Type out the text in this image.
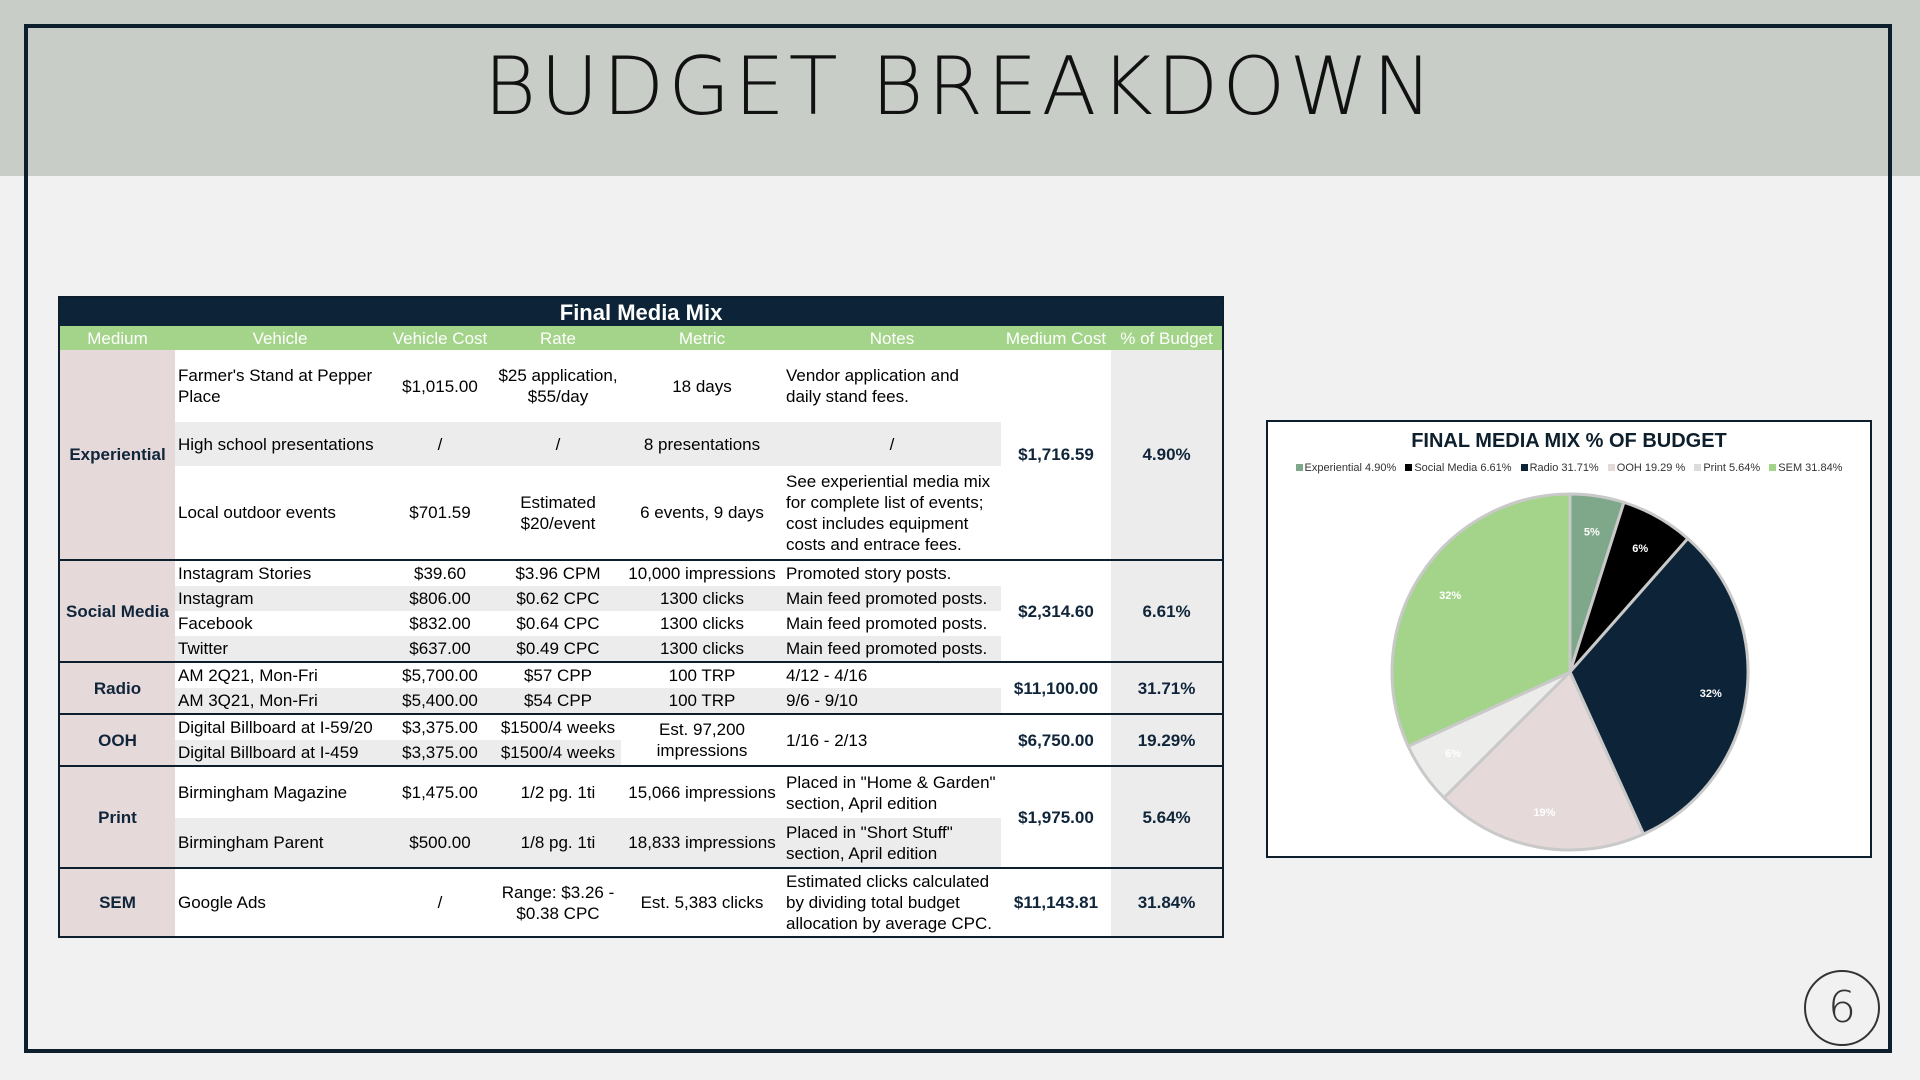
BUDGET BREAKDOWN
Final Media Mix							
Medium	Vehicle	Vehicle Cost	Rate	Metric	Notes	Medium Cost	% of Budget
Experiential	Farmer's Stand at Pepper Place	$1,015.00	$25 application, $55/day	18 days	Vendor application and daily stand fees.	$1,716.59	4.90%
	High school presentations	/	/	8 presentations	/		
	Local outdoor events	$701.59	Estimated $20/event	6 events, 9 days	See experiential media mix for complete list of events; cost includes equipment costs and entrace fees.		
Social Media	Instagram Stories	$39.60	$3.96 CPM	10,000 impressions	Promoted story posts.	$2,314.60	6.61%
	Instagram	$806.00	$0.62 CPC	1300 clicks	Main feed promoted posts.		
	Facebook	$832.00	$0.64 CPC	1300 clicks	Main feed promoted posts.		
	Twitter	$637.00	$0.49 CPC	1300 clicks	Main feed promoted posts.		
Radio	AM 2Q21, Mon-Fri	$5,700.00	$57 CPP	100 TRP	4/12 - 4/16	$11,100.00	31.71%
	AM 3Q21, Mon-Fri	$5,400.00	$54 CPP	100 TRP	9/6 - 9/10		
OOH	Digital Billboard at I-59/20	$3,375.00	$1500/4 weeks	Est. 97,200 impressions	1/16 - 2/13	$6,750.00	19.29%
	Digital Billboard at I-459	$3,375.00	$1500/4 weeks				
Print	Birmingham Magazine	$1,475.00	1/2 pg. 1ti	15,066 impressions	Placed in "Home & Garden" section, April edition	$1,975.00	5.64%
	Birmingham Parent	$500.00	1/8 pg. 1ti	18,833 impressions	Placed in "Short Stuff" section, April edition		
SEM	Google Ads	/	Range: $3.26 - $0.38 CPC	Est. 5,383 clicks	Estimated clicks calculated by dividing total budget allocation by average CPC.	$11,143.81	31.84%
FINAL MEDIA MIX % OF BUDGET
Experiential 4.90% Social Media 6.61% Radio 31.71% OOH 19.29 % Print 5.64% SEM 31.84%
5%
6%
32%
19%
6%
32%
6
